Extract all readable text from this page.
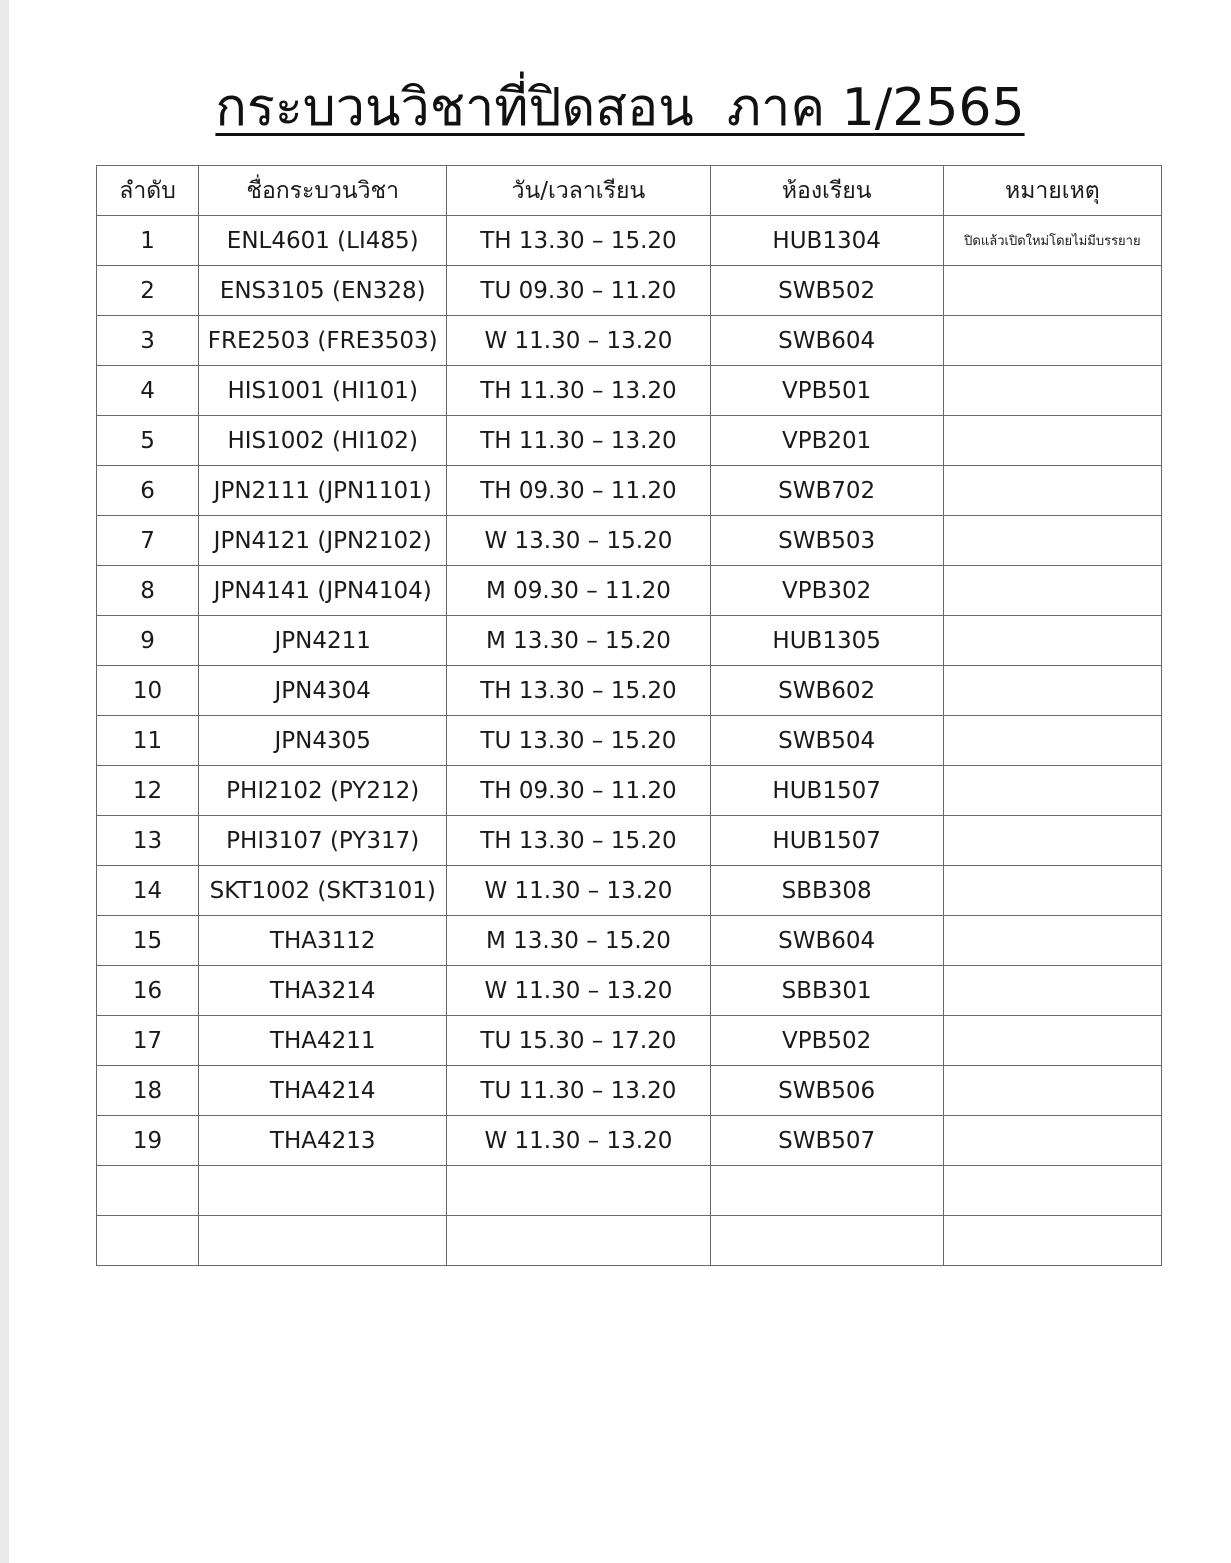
กระบวนวิชาที่ปิดสอน  ภาค 1/2565
ลำดับ	ชื่อกระบวนวิชา	วัน/เวลาเรียน	ห้องเรียน	หมายเหตุ
1	ENL4601 (LI485)	TH 13.30 – 15.20	HUB1304	ปิดแล้วเปิดใหม่โดยไม่มีบรรยาย
2	ENS3105 (EN328)	TU 09.30 – 11.20	SWB502	
3	FRE2503 (FRE3503)	W 11.30 – 13.20	SWB604	
4	HIS1001 (HI101)	TH 11.30 – 13.20	VPB501	
5	HIS1002 (HI102)	TH 11.30 – 13.20	VPB201	
6	JPN2111 (JPN1101)	TH 09.30 – 11.20	SWB702	
7	JPN4121 (JPN2102)	W 13.30 – 15.20	SWB503	
8	JPN4141 (JPN4104)	M 09.30 – 11.20	VPB302	
9	JPN4211	M 13.30 – 15.20	HUB1305	
10	JPN4304	TH 13.30 – 15.20	SWB602	
11	JPN4305	TU 13.30 – 15.20	SWB504	
12	PHI2102 (PY212)	TH 09.30 – 11.20	HUB1507	
13	PHI3107 (PY317)	TH 13.30 – 15.20	HUB1507	
14	SKT1002 (SKT3101)	W 11.30 – 13.20	SBB308	
15	THA3112	M 13.30 – 15.20	SWB604	
16	THA3214	W 11.30 – 13.20	SBB301	
17	THA4211	TU 15.30 – 17.20	VPB502	
18	THA4214	TU 11.30 – 13.20	SWB506	
19	THA4213	W 11.30 – 13.20	SWB507	
